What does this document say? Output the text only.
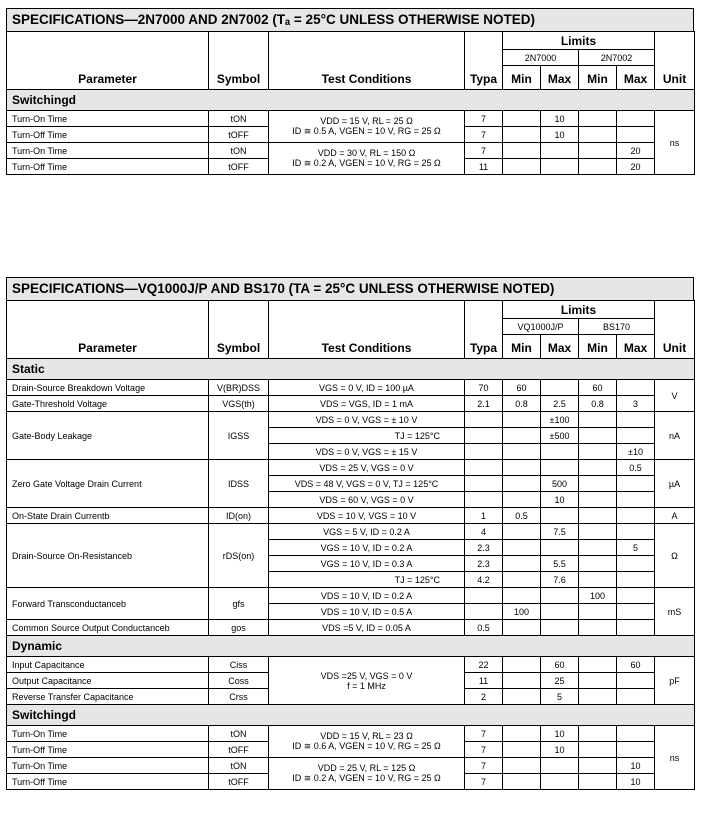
SPECIFICATIONS—2N7000 AND 2N7002 (Tₐ = 25°C UNLESS OTHERWISE NOTED)
Parameter	Symbol	Test Conditions	Typa	Limits				Unit
				2N7000		2N7002		
				Min	Max	Min	Max	
Switchingd								
Turn-On Time	tON	VDD = 15 V, RL = 25 Ω
ID ≅ 0.5 A, VGEN = 10 V, RG = 25 Ω	7		10			ns
Turn-Off Time	tOFF		7		10			
Turn-On Time	tON	VDD = 30 V, RL = 150 Ω
ID ≅ 0.2 A, VGEN = 10 V, RG = 25 Ω	7				20	
Turn-Off Time	tOFF		11				20	
SPECIFICATIONS—VQ1000J/P AND BS170 (TA = 25°C UNLESS OTHERWISE NOTED)
Parameter	Symbol	Test Conditions	Typa	Limits				Unit
				VQ1000J/P		BS170		
				Min	Max	Min	Max	
Static								
Drain-Source Breakdown Voltage	V(BR)DSS	VGS = 0 V, ID = 100 µA	70	60		60		V
Gate-Threshold Voltage	VGS(th)	VDS = VGS, ID = 1 mA	2.1	0.8	2.5	0.8	3	
Gate-Body Leakage	IGSS	VDS = 0 V, VGS = ± 10 V			±100			nA
		TJ = 125°C			±500			
		VDS = 0 V, VGS = ± 15 V					±10	
Zero Gate Voltage Drain Current	IDSS	VDS = 25 V, VGS = 0 V					0.5	µA
		VDS = 48 V, VGS = 0 V, TJ = 125°C			500			
		VDS = 60 V, VGS = 0 V			10			
On-State Drain Currentb	ID(on)	VDS = 10 V, VGS = 10 V	1	0.5				A
Drain-Source On-Resistanceb	rDS(on)	VGS = 5 V, ID = 0.2 A	4		7.5			Ω
		VGS = 10 V, ID = 0.2 A	2.3				5	
		VGS = 10 V, ID = 0.3 A	2.3		5.5			
		TJ = 125°C	4.2		7.6			
Forward Transconductanceb	gfs	VDS = 10 V, ID = 0.2 A				100		mS
		VDS = 10 V, ID = 0.5 A		100				
Common Source Output Conductanceb	gos	VDS =5 V, ID = 0.05 A	0.5					
Dynamic								
Input Capacitance	Ciss	VDS =25 V, VGS = 0 V
f = 1 MHz	22		60		60	pF
Output Capacitance	Coss		11		25			
Reverse Transfer Capacitance	Crss		2		5			
Switchingd								
Turn-On Time	tON	VDD = 15 V, RL = 23 Ω
ID ≅ 0.6 A, VGEN = 10 V, RG = 25 Ω	7		10			ns
Turn-Off Time	tOFF		7		10			
Turn-On Time	tON	VDD = 25 V, RL = 125 Ω
ID ≅ 0.2 A, VGEN = 10 V, RG = 25 Ω	7				10	
Turn-Off Time	tOFF		7				10	
